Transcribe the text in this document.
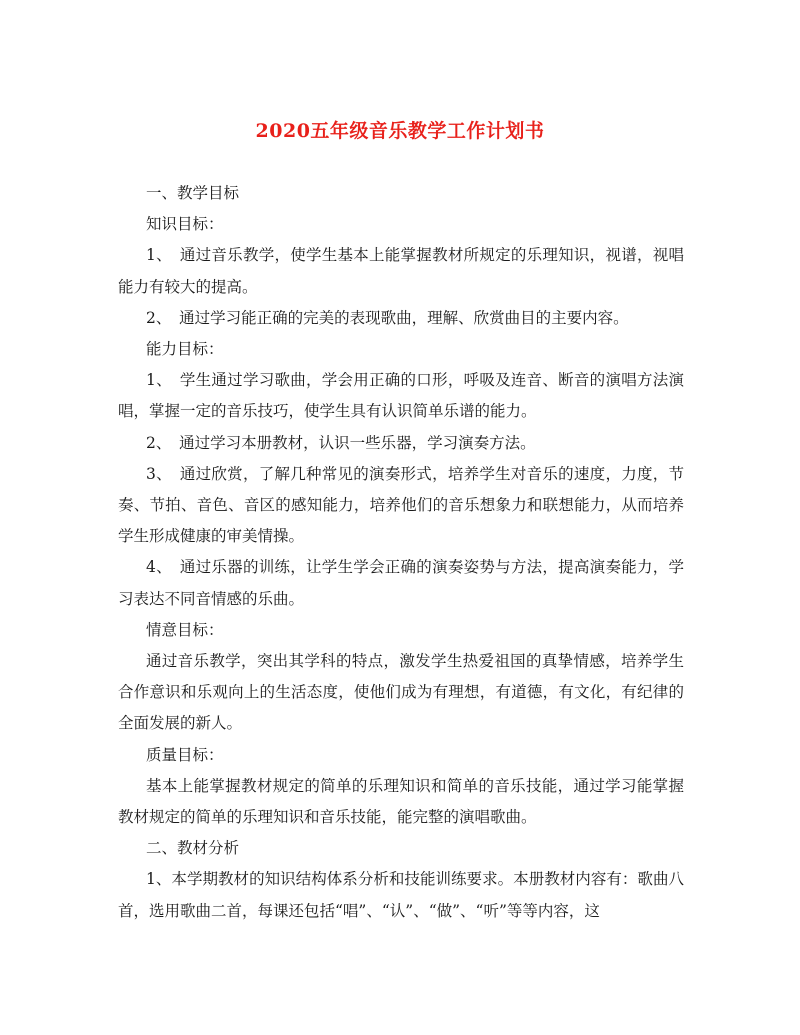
2020五年级音乐教学工作计划书

一、教学目标

知识目标：

1、　通过音乐教学，使学生基本上能掌握教材所规定的乐理知识，视谱，视唱能力有较大的提高。

2、　通过学习能正确的完美的表现歌曲，理解、欣赏曲目的主要内容。

能力目标：

1、　学生通过学习歌曲，学会用正确的口形，呼吸及连音、断音的演唱方法演唱，掌握一定的音乐技巧，使学生具有认识简单乐谱的能力。

2、　通过学习本册教材，认识一些乐器，学习演奏方法。

3、　通过欣赏，了解几种常见的演奏形式，培养学生对音乐的速度，力度，节奏、节拍、音色、音区的感知能力，培养他们的音乐想象力和联想能力，从而培养学生形成健康的审美情操。

4、　通过乐器的训练，让学生学会正确的演奏姿势与方法，提高演奏能力，学习表达不同音情感的乐曲。

情意目标：

通过音乐教学，突出其学科的特点，激发学生热爱祖国的真挚情感，培养学生合作意识和乐观向上的生活态度，使他们成为有理想，有道德，有文化，有纪律的全面发展的新人。

质量目标：

基本上能掌握教材规定的简单的乐理知识和简单的音乐技能，通过学习能掌握教材规定的简单的乐理知识和音乐技能，能完整的演唱歌曲。

二、教材分析

1、本学期教材的知识结构体系分析和技能训练要求。本册教材内容有：歌曲八首，选用歌曲二首，每课还包括“唱”、“认”、“做”、“听”等等内容，这
